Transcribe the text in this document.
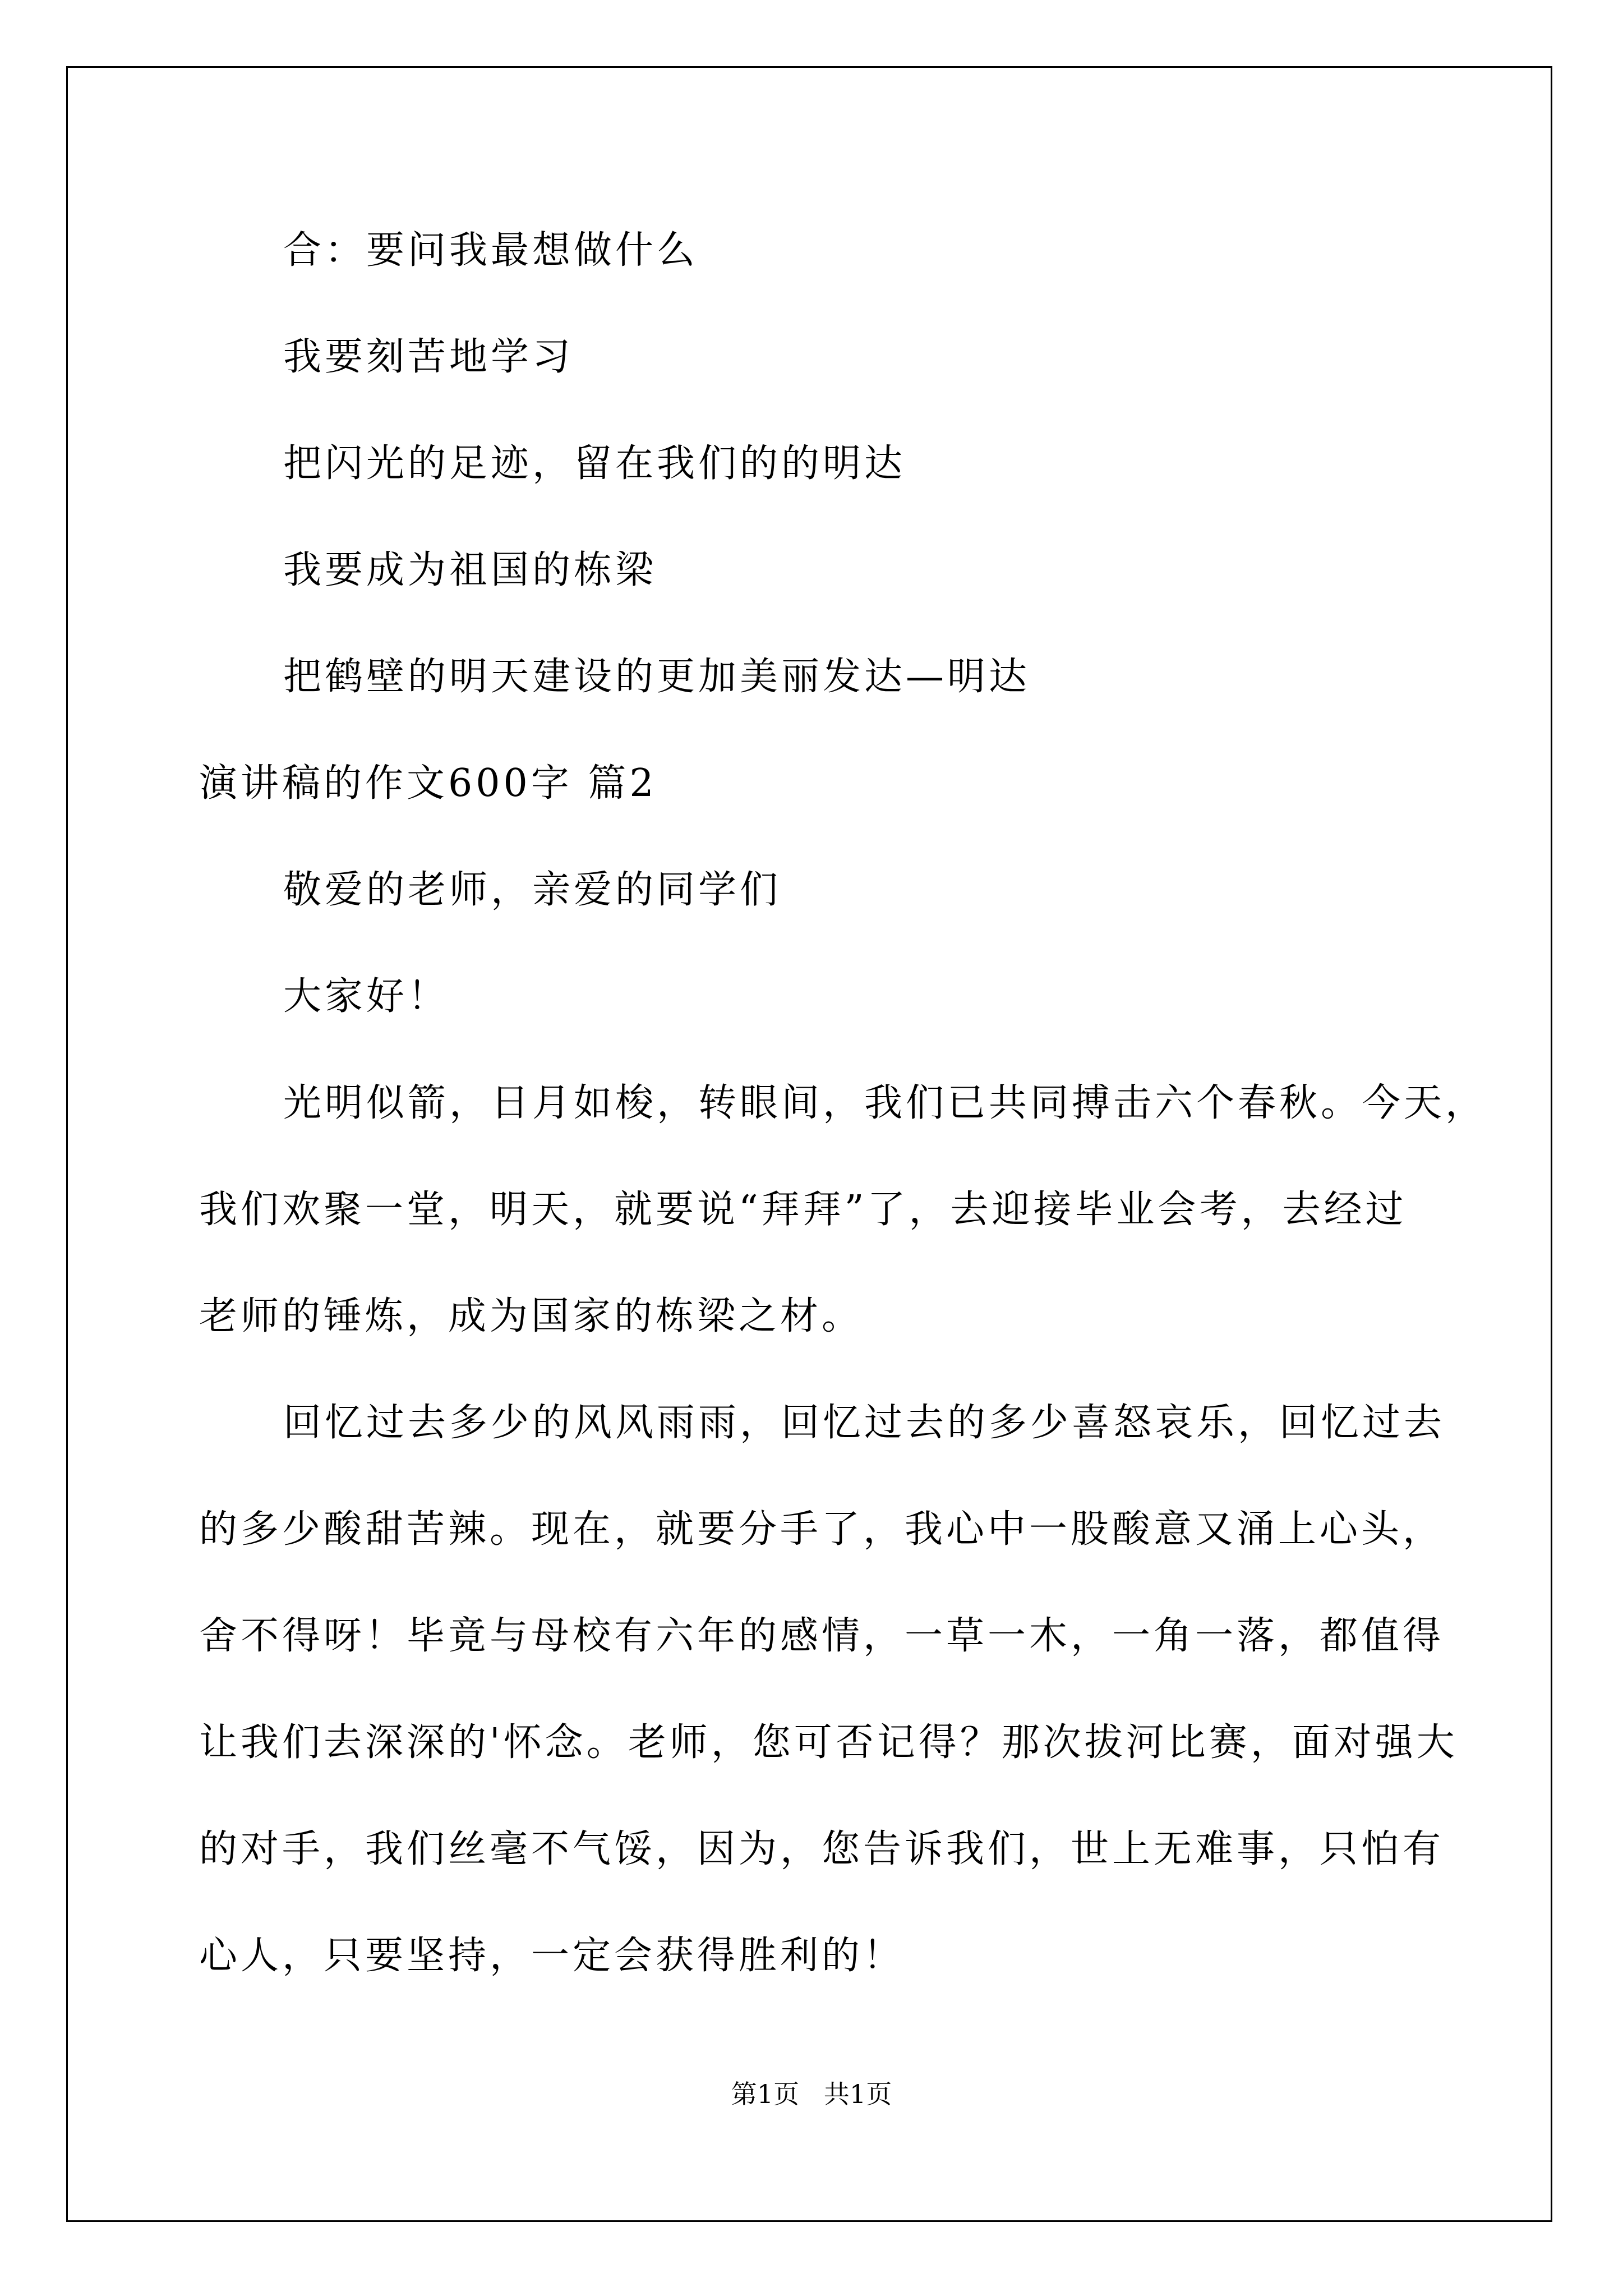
合：要问我最想做什么
我要刻苦地学习
把闪光的足迹，留在我们的的明达
我要成为祖国的栋梁
把鹤壁的明天建设的更加美丽发达—明达
演讲稿的作文600字 篇2
敬爱的老师，亲爱的同学们
大家好！
光明似箭，日月如梭，转眼间，我们已共同搏击六个春秋。今天，
我们欢聚一堂，明天，就要说“拜拜”了，去迎接毕业会考，去经过
老师的锤炼，成为国家的栋梁之材。
回忆过去多少的风风雨雨，回忆过去的多少喜怒哀乐，回忆过去
的多少酸甜苦辣。现在，就要分手了，我心中一股酸意又涌上心头，
舍不得呀！毕竟与母校有六年的感情，一草一木，一角一落，都值得
让我们去深深的'怀念。老师，您可否记得？那次拔河比赛，面对强大
的对手，我们丝毫不气馁，因为，您告诉我们，世上无难事，只怕有
心人，只要坚持，一定会获得胜利的！
第1页   共1页
